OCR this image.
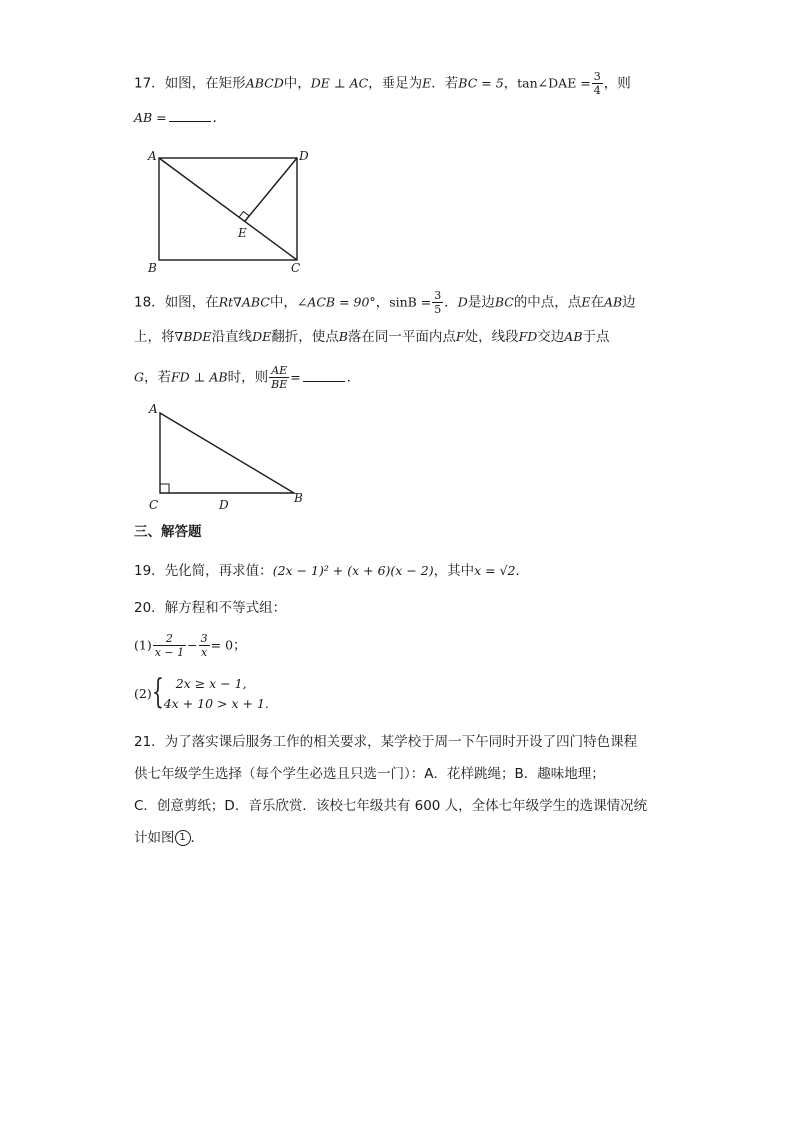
17．如图，在矩形ABCD中，DE ⊥ AC，垂足为E．若BC = 5，tan∠DAE = $\frac{3}{4}$ ，则
AB =	．
A	D
E
B	C
18．如图，在Rt∇ABC中，∠ACB = 90°，$\sin B = \frac{3}{5}$ ．D是边BC的中点，点E在AB边
上，将∇BDE沿直线DE翻折，使点B落在同一平面内点F处，线段FD交边AB于点
G，若FD ⊥ AB时，则 $\frac{AE}{BE}$ =	．
A
C	D	B
三、解答题
19．先化简，再求值：(2x − 1)² + (x + 6)(x − 2)，其中x = √2．
20．解方程和不等式组：
$(1) \frac{2}{x - 1} - \frac{3}{x} = 0$；
(2) { 2x ≥ x − 1,
4x + 10 > x + 1.
21．为了落实课后服务工作的相关要求，某学校于周一下午同时开设了四门特色课程
供七年级学生选择（每个学生必选且只选一门）：A．花样跳绳；B．趣味地理；
C．创意剪纸；D．音乐欣赏．该校七年级共有 600 人，全体七年级学生的选课情况统
计如图 1 ．
